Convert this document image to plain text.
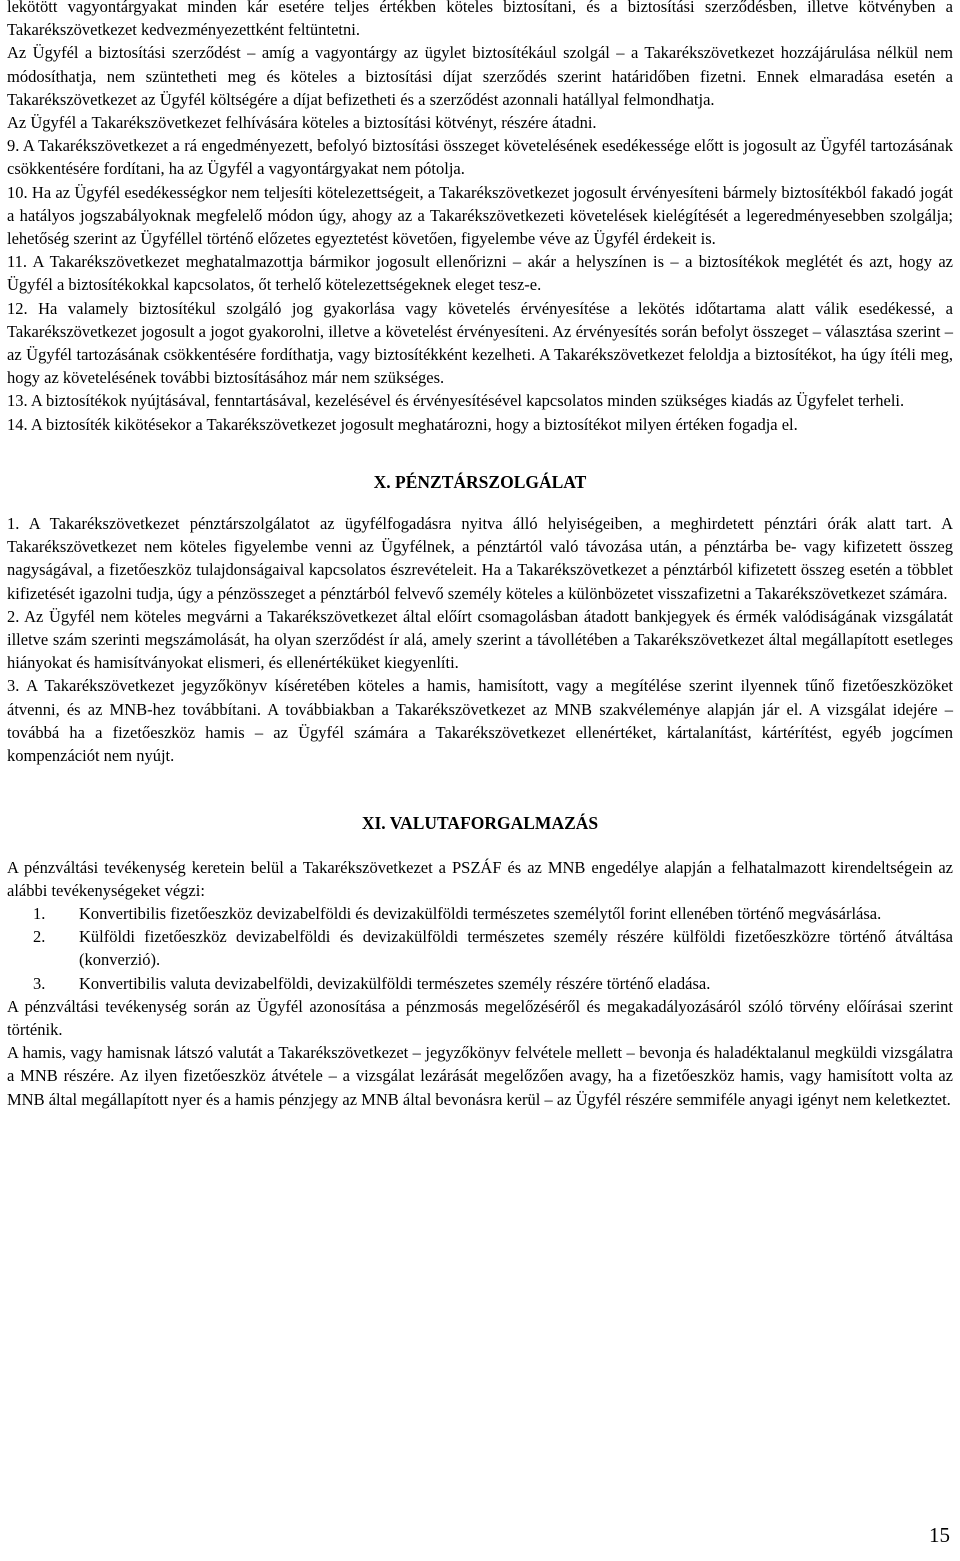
lekötött vagyontárgyakat minden kár esetére teljes értékben köteles biztosítani, és a biztosítási szerződésben, illetve kötvényben a Takarékszövetkezet kedvezményezettként feltüntetni.

Az Ügyfél a biztosítási szerződést – amíg a vagyontárgy az ügylet biztosítékául szolgál – a Takarékszövetkezet hozzájárulása nélkül nem módosíthatja, nem szüntetheti meg és köteles a biztosítási díjat szerződés szerint határidőben fizetni. Ennek elmaradása esetén a Takarékszövetkezet az Ügyfél költségére a díjat befizetheti és a szerződést azonnali hatállyal felmondhatja.

Az Ügyfél a Takarékszövetkezet felhívására köteles a biztosítási kötvényt, részére átadni.

9. A Takarékszövetkezet a rá engedményezett, befolyó biztosítási összeget követelésének esedékessége előtt is jogosult az Ügyfél tartozásának csökkentésére fordítani, ha az Ügyfél a vagyontárgyakat nem pótolja.

10. Ha az Ügyfél esedékességkor nem teljesíti kötelezettségeit, a Takarékszövetkezet jogosult érvényesíteni bármely biztosítékból fakadó jogát a hatályos jogszabályoknak megfelelő módon úgy, ahogy az a Takarékszövetkezeti követelések kielégítését a legeredményesebben szolgálja; lehetőség szerint az Ügyféllel történő előzetes egyeztetést követően, figyelembe véve az Ügyfél érdekeit is.

11. A Takarékszövetkezet meghatalmazottja bármikor jogosult ellenőrizni – akár a helyszínen is – a biztosítékok meglétét és azt, hogy az Ügyfél a biztosítékokkal kapcsolatos, őt terhelő kötelezettségeknek eleget tesz-e.

12. Ha valamely biztosítékul szolgáló jog gyakorlása vagy követelés érvényesítése a lekötés időtartama alatt válik esedékessé, a Takarékszövetkezet jogosult a jogot gyakorolni, illetve a követelést érvényesíteni. Az érvényesítés során befolyt összeget – választása szerint – az Ügyfél tartozásának csökkentésére fordíthatja, vagy biztosítékként kezelheti. A Takarékszövetkezet feloldja a biztosítékot, ha úgy ítéli meg, hogy az követelésének további biztosításához már nem szükséges.

13. A biztosítékok nyújtásával, fenntartásával, kezelésével és érvényesítésével kapcsolatos minden szükséges kiadás az Ügyfelet terheli.

14. A biztosíték kikötésekor a Takarékszövetkezet jogosult meghatározni, hogy a biztosítékot milyen értéken fogadja el.

X. PÉNZTÁRSZOLGÁLAT

1. A Takarékszövetkezet pénztárszolgálatot az ügyfélfogadásra nyitva álló helyiségeiben, a meghirdetett pénztári órák alatt tart. A Takarékszövetkezet nem köteles figyelembe venni az Ügyfélnek, a pénztártól való távozása után, a pénztárba be- vagy kifizetett összeg nagyságával, a fizetőeszköz tulajdonságaival kapcsolatos észrevételeit. Ha a Takarékszövetkezet a pénztárból kifizetett összeg esetén a többlet kifizetését igazolni tudja, úgy a pénzösszeget a pénztárból felvevő személy köteles a különbözetet visszafizetni a Takarékszövetkezet számára.

2. Az Ügyfél nem köteles megvárni a Takarékszövetkezet által előírt csomagolásban átadott bankjegyek és érmék valódiságának vizsgálatát illetve szám szerinti megszámolását, ha olyan szerződést ír alá, amely szerint a távollétében a Takarékszövetkezet által megállapított esetleges hiányokat és hamisítványokat elismeri, és ellenértéküket kiegyenlíti.

3. A Takarékszövetkezet jegyzőkönyv kíséretében köteles a hamis, hamisított, vagy a megítélése szerint ilyennek tűnő fizetőeszközöket átvenni, és az MNB-hez továbbítani. A továbbiakban a Takarékszövetkezet az MNB szakvéleménye alapján jár el. A vizsgálat idejére – továbbá ha a fizetőeszköz hamis – az Ügyfél számára a Takarékszövetkezet ellenértéket, kártalanítást, kártérítést, egyéb jogcímen kompenzációt nem nyújt.

XI. VALUTAFORGALMAZÁS

A pénzváltási tevékenység keretein belül a Takarékszövetkezet a PSZÁF és az MNB engedélye alapján a felhatalmazott kirendeltségein az alábbi tevékenységeket végzi:

1. Konvertibilis fizetőeszköz devizabelföldi és devizakülföldi természetes személytől forint ellenében történő megvásárlása.
2. Külföldi fizetőeszköz devizabelföldi és devizakülföldi természetes személy részére külföldi fizetőeszközre történő átváltása (konverzió).
3. Konvertibilis valuta devizabelföldi, devizakülföldi természetes személy részére történő eladása.

A pénzváltási tevékenység során az Ügyfél azonosítása a pénzmosás megelőzéséről és megakadályozásáról szóló törvény előírásai szerint történik.

A hamis, vagy hamisnak látszó valutát a Takarékszövetkezet – jegyzőkönyv felvétele mellett – bevonja és haladéktalanul megküldi vizsgálatra a MNB részére. Az ilyen fizetőeszköz átvétele – a vizsgálat lezárását megelőzően avagy, ha a fizetőeszköz hamis, vagy hamisított volta az MNB által megállapított nyer és a hamis pénzjegy az MNB által bevonásra kerül – az Ügyfél részére semmiféle anyagi igényt nem keletkeztet.

15
